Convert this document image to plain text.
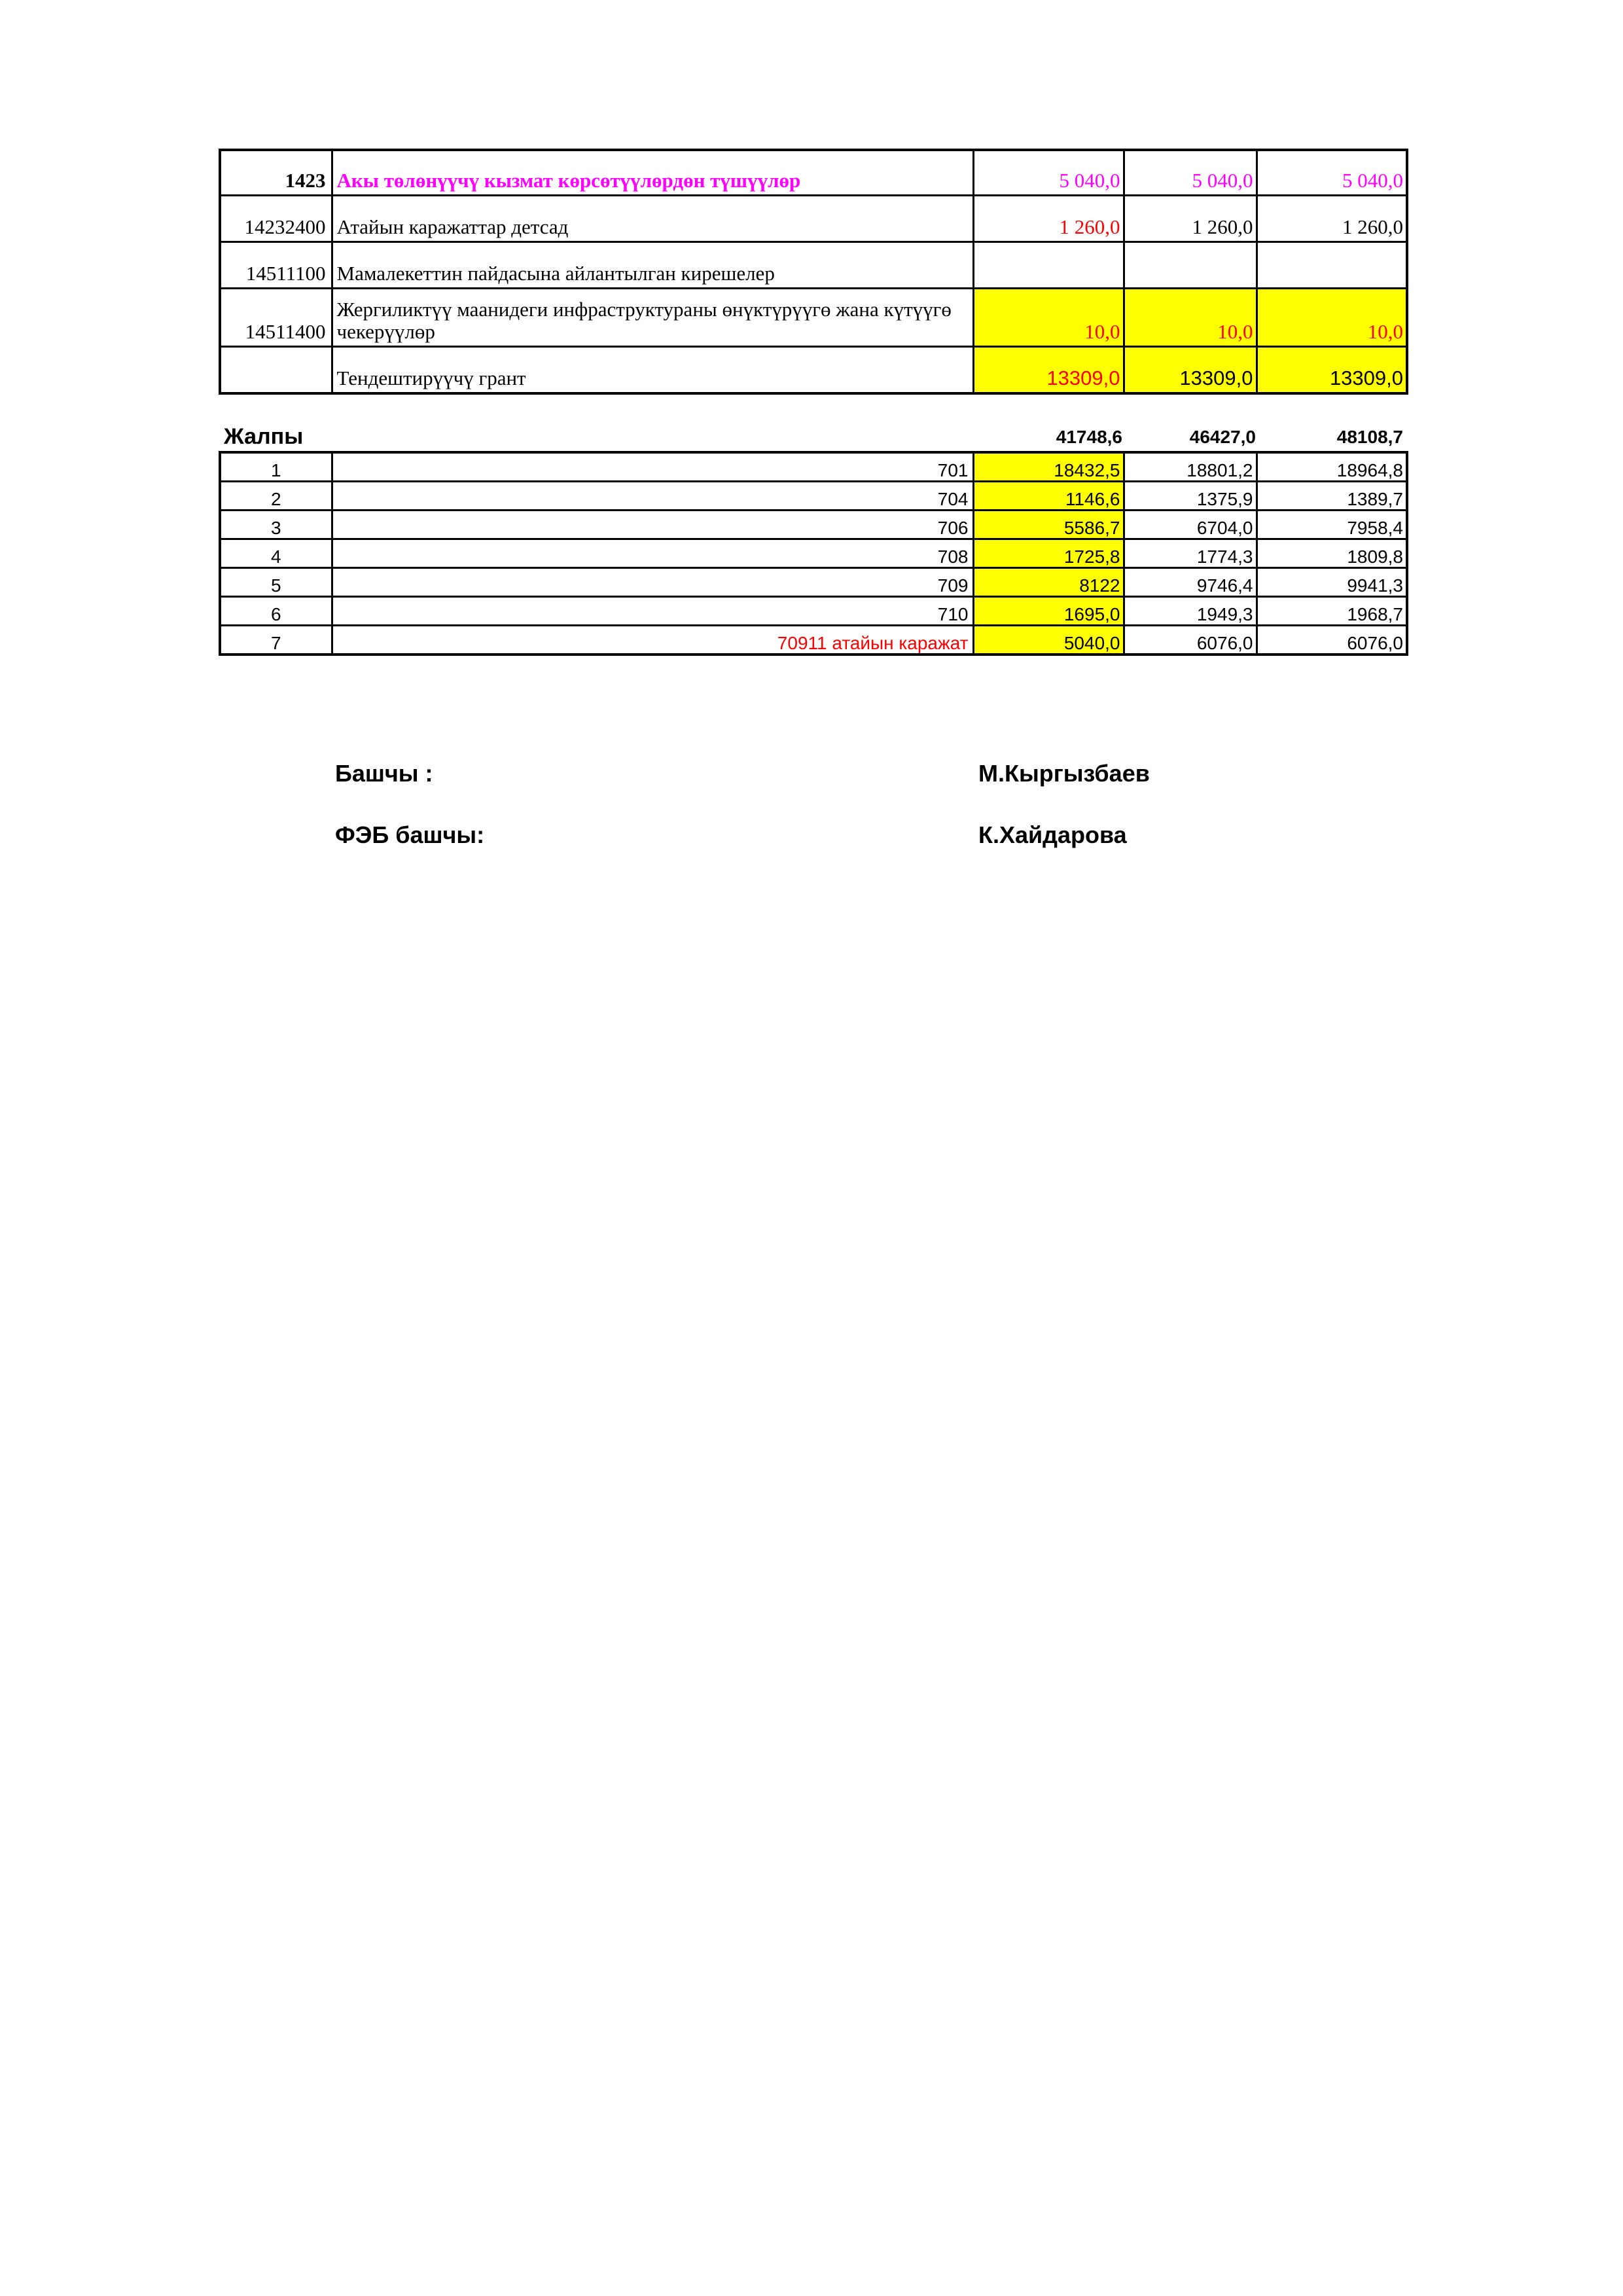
1423	Акы төлөнүүчү кызмат көрсөтүүлөрдөн түшүүлөр	5 040,0	5 040,0	5 040,0
14232400	Атайын каражаттар детсад	1 260,0	1 260,0	1 260,0
14511100	Мамалекеттин пайдасына айлантылган кирешелер			
14511400	Жергиликтүү маанидеги инфраструктураны өнүктүрүүгө жана күтүүгө чекерүүлөр	10,0	10,0	10,0
	Тендештирүүчү грант	13309,0	13309,0	13309,0
Жалпы	41748,6	46427,0	48108,7
1	701	18432,5	18801,2	18964,8
2	704	1146,6	1375,9	1389,7
3	706	5586,7	6704,0	7958,4
4	708	1725,8	1774,3	1809,8
5	709	8122	9746,4	9941,3
6	710	1695,0	1949,3	1968,7
7	70911 атайын каражат	5040,0	6076,0	6076,0
Башчы :	М.Кыргызбаев
ФЭБ башчы:	К.Хайдарова
